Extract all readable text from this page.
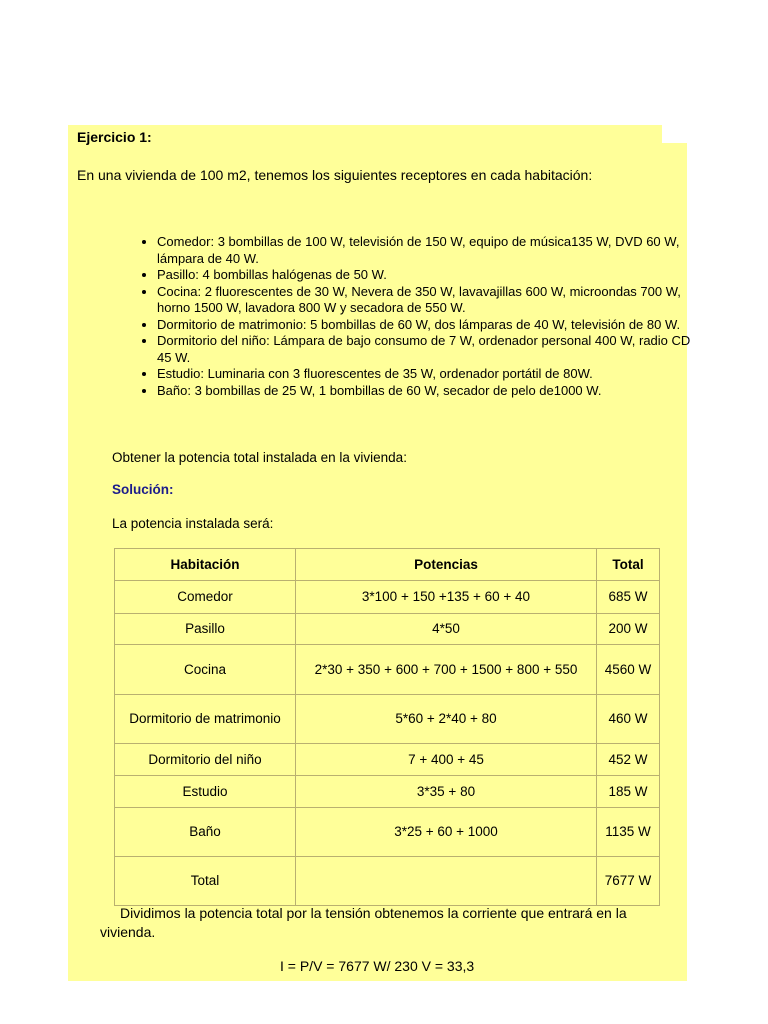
Ejercicio 1:
En una vivienda de 100 m2, tenemos los siguientes receptores en cada habitación:
• Comedor: 3 bombillas de 100 W, televisión de 150 W, equipo de música135 W, DVD 60 W, lámpara de 40 W.
• Pasillo: 4 bombillas halógenas de 50 W.
• Cocina: 2 fluorescentes de 30 W, Nevera de 350 W, lavavajillas 600 W, microondas 700 W, horno 1500 W, lavadora 800 W y secadora de 550 W.
• Dormitorio de matrimonio: 5 bombillas de 60 W, dos lámparas de 40 W, televisión de 80 W.
• Dormitorio del niño: Lámpara de bajo consumo de 7 W, ordenador personal 400 W, radio CD 45 W.
• Estudio: Luminaria con 3 fluorescentes de 35 W, ordenador portátil de 80W.
• Baño: 3 bombillas de 25 W, 1 bombillas de 60 W, secador de pelo de1000 W.
Obtener la potencia total instalada en la vivienda:
Solución:
La potencia instalada será:
Habitación	Potencias	Total
Comedor	3*100 + 150 +135 + 60 + 40	685 W
Pasillo	4*50	200 W
Cocina	2*30 + 350 + 600 + 700 + 1500 + 800 + 550	4560 W
Dormitorio de matrimonio	5*60 + 2*40 + 80	460 W
Dormitorio del niño	7 + 400 + 45	452 W
Estudio	3*35 + 80	185 W
Baño	3*25 + 60 + 1000	1135 W
Total		7677 W
Dividimos la potencia total por la tensión obtenemos la corriente que entrará en la vivienda.
I = P/V = 7677 W/ 230 V = 33,3
